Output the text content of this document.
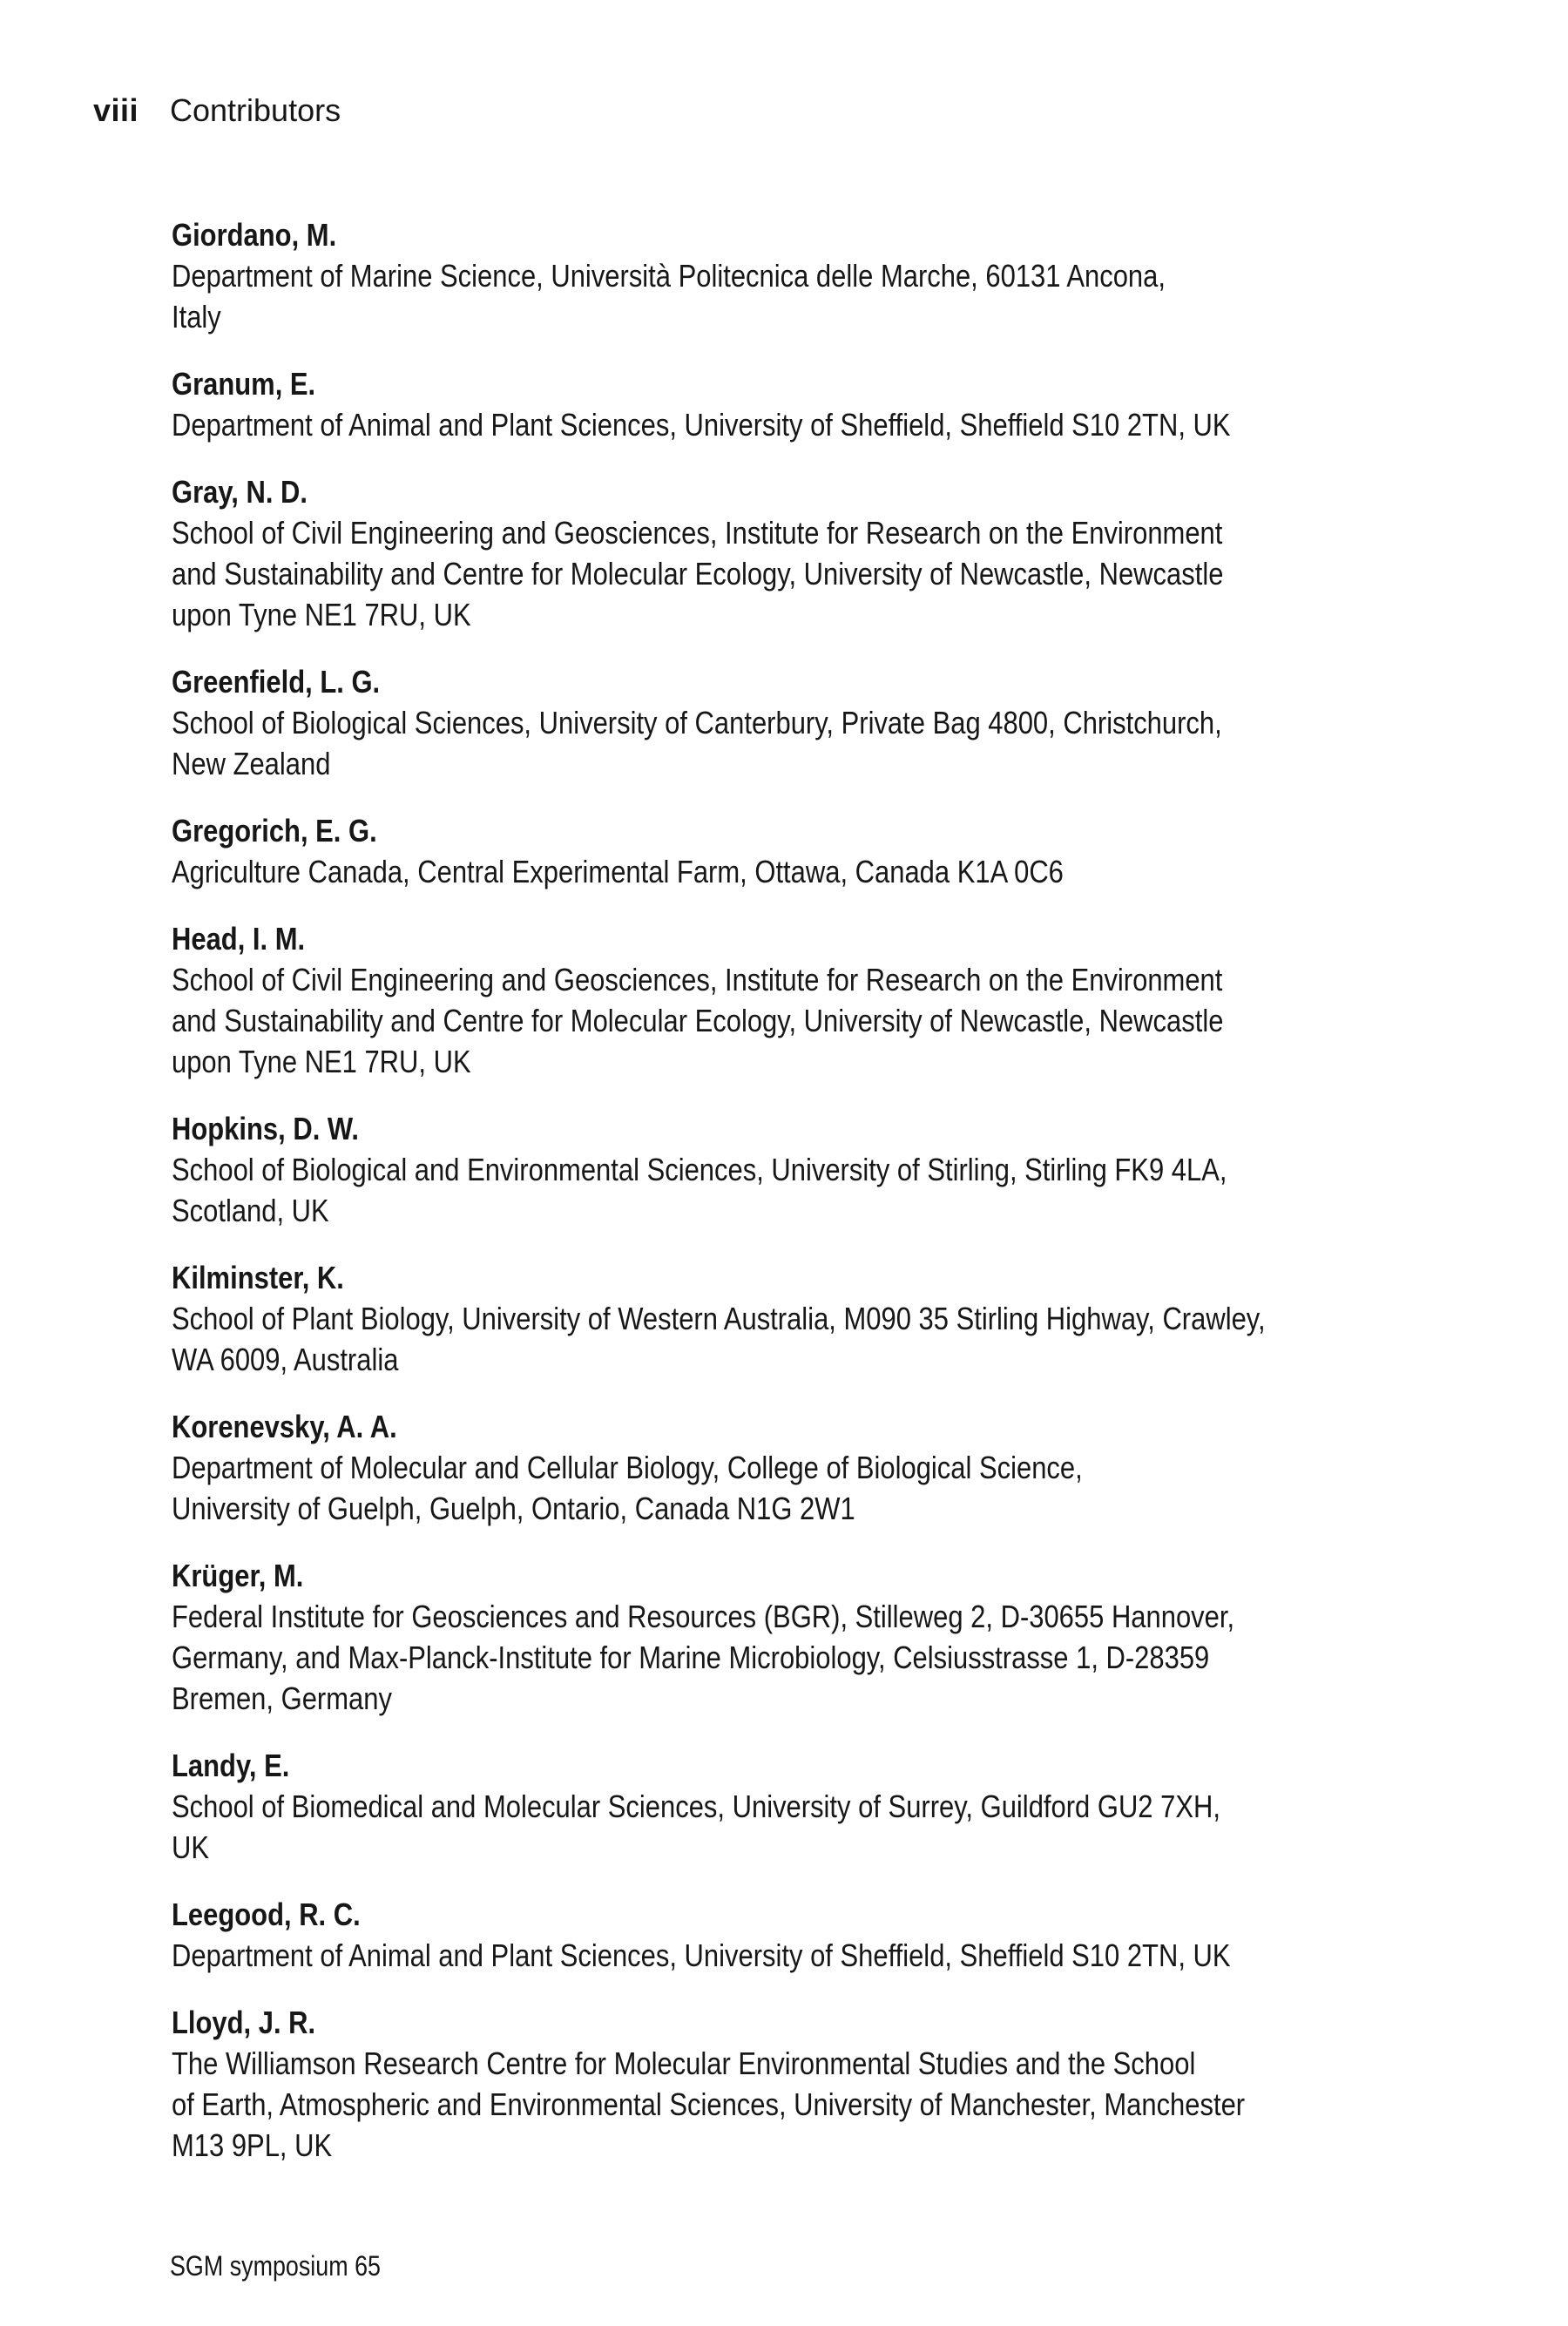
viii Contributors
Giordano, M.
Department of Marine Science, Università Politecnica delle Marche, 60131 Ancona,
Italy
Granum, E.
Department of Animal and Plant Sciences, University of Sheffield, Sheffield S10 2TN, UK
Gray, N. D.
School of Civil Engineering and Geosciences, Institute for Research on the Environment
and Sustainability and Centre for Molecular Ecology, University of Newcastle, Newcastle
upon Tyne NE1 7RU, UK
Greenfield, L. G.
School of Biological Sciences, University of Canterbury, Private Bag 4800, Christchurch,
New Zealand
Gregorich, E. G.
Agriculture Canada, Central Experimental Farm, Ottawa, Canada K1A 0C6
Head, I. M.
School of Civil Engineering and Geosciences, Institute for Research on the Environment
and Sustainability and Centre for Molecular Ecology, University of Newcastle, Newcastle
upon Tyne NE1 7RU, UK
Hopkins, D. W.
School of Biological and Environmental Sciences, University of Stirling, Stirling FK9 4LA,
Scotland, UK
Kilminster, K.
School of Plant Biology, University of Western Australia, M090 35 Stirling Highway, Crawley,
WA 6009, Australia
Korenevsky, A. A.
Department of Molecular and Cellular Biology, College of Biological Science,
University of Guelph, Guelph, Ontario, Canada N1G 2W1
Krüger, M.
Federal Institute for Geosciences and Resources (BGR), Stilleweg 2, D-30655 Hannover,
Germany, and Max-Planck-Institute for Marine Microbiology, Celsiusstrasse 1, D-28359
Bremen, Germany
Landy, E.
School of Biomedical and Molecular Sciences, University of Surrey, Guildford GU2 7XH,
UK
Leegood, R. C.
Department of Animal and Plant Sciences, University of Sheffield, Sheffield S10 2TN, UK
Lloyd, J. R.
The Williamson Research Centre for Molecular Environmental Studies and the School
of Earth, Atmospheric and Environmental Sciences, University of Manchester, Manchester
M13 9PL, UK
SGM symposium 65
